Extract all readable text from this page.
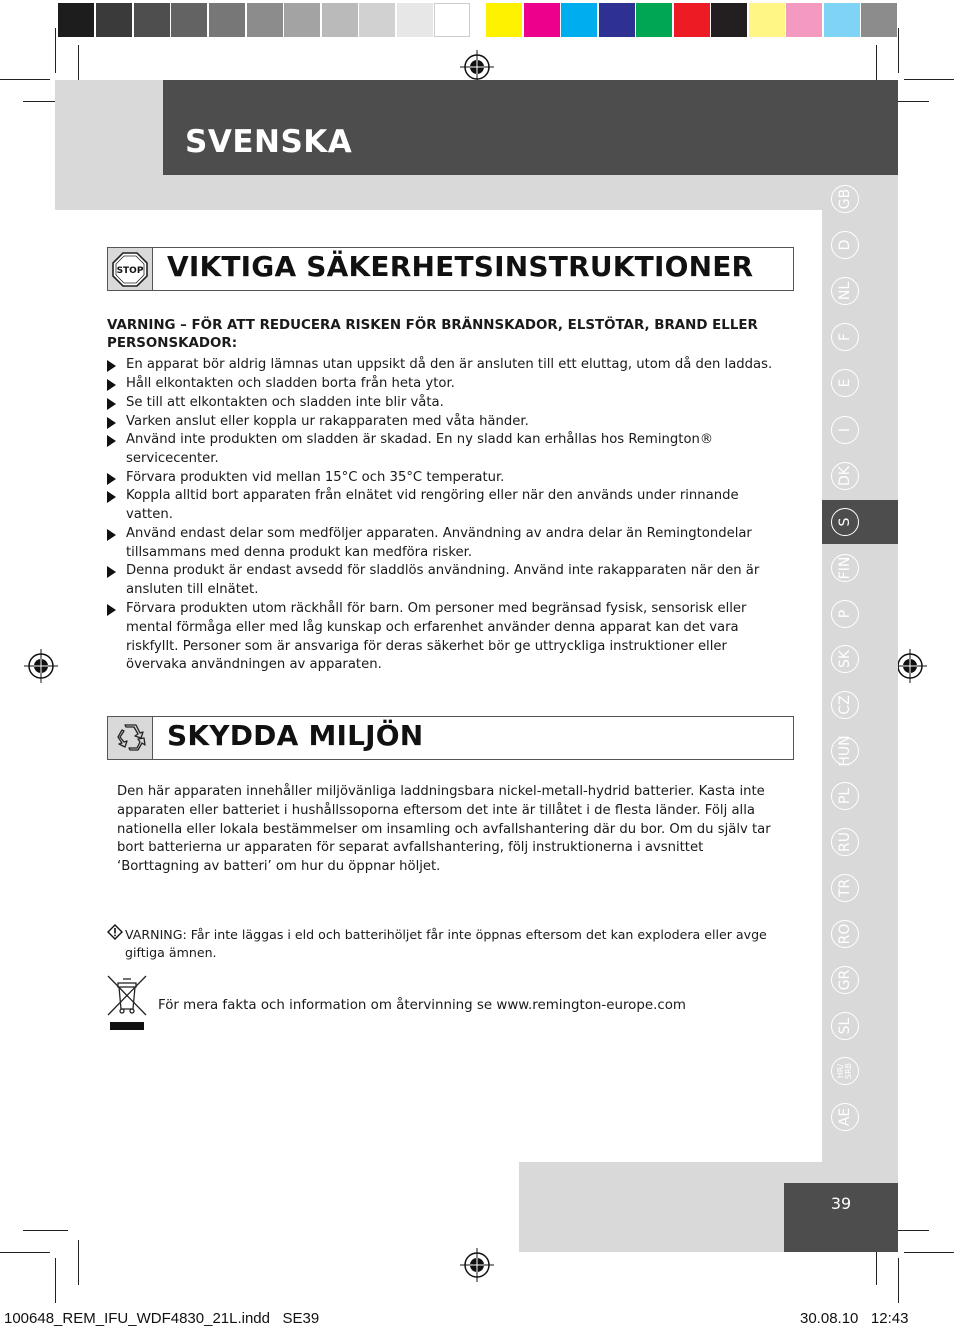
SVENSKA
GB
D
NL
F
E
I
DK
S
FIN
P
SK
CZ
HUN
PL
RU
TR
RO
GR
SL
HR/
SRB
AE
39
STOP VIKTIGA SÄKERHETSINSTRUKTIONER
VARNING – FÖR ATT REDUCERA RISKEN FÖR BRÄNNSKADOR, ELSTÖTAR, BRAND ELLER PERSONSKADOR:
En apparat bör aldrig lämnas utan uppsikt då den är ansluten till ett eluttag, utom då den laddas.
Håll elkontakten och sladden borta från heta ytor.
Se till att elkontakten och sladden inte blir våta.
Varken anslut eller koppla ur rakapparaten med våta händer.
Använd inte produkten om sladden är skadad. En ny sladd kan erhållas hos Remington® servicecenter.
Förvara produkten vid mellan 15°C och 35°C temperatur.
Koppla alltid bort apparaten från elnätet vid rengöring eller när den används under rinnande vatten.
Använd endast delar som medföljer apparaten. Användning av andra delar än Remingtondelar tillsammans med denna produkt kan medföra risker.
Denna produkt är endast avsedd för sladdlös användning. Använd inte rakapparaten när den är ansluten till elnätet.
Förvara produkten utom räckhåll för barn. Om personer med begränsad fysisk, sensorisk eller mental förmåga eller med låg kunskap och erfarenhet använder denna apparat kan det vara riskfyllt. Personer som är ansvariga för deras säkerhet bör ge uttryckliga instruktioner eller övervaka användningen av apparaten.
SKYDDA MILJÖN
Den här apparaten innehåller miljövänliga laddningsbara nickel-metall-hydrid batterier. Kasta inte apparaten eller batteriet i hushållssoporna eftersom det inte är tillåtet i de flesta länder. Följ alla nationella eller lokala bestämmelser om insamling och avfallshantering där du bor. Om du själv tar bort batterierna ur apparaten för separat avfallshantering, följ instruktionerna i avsnittet ‘Borttagning av batteri’ om hur du öppnar höljet.
VARNING: Får inte läggas i eld och batterihöljet får inte öppnas eftersom det kan explodera eller avge giftiga ämnen.
För mera fakta och information om återvinning se www.remington-europe.com
100648_REM_IFU_WDF4830_21L.indd   SE39	30.08.10   12:43
